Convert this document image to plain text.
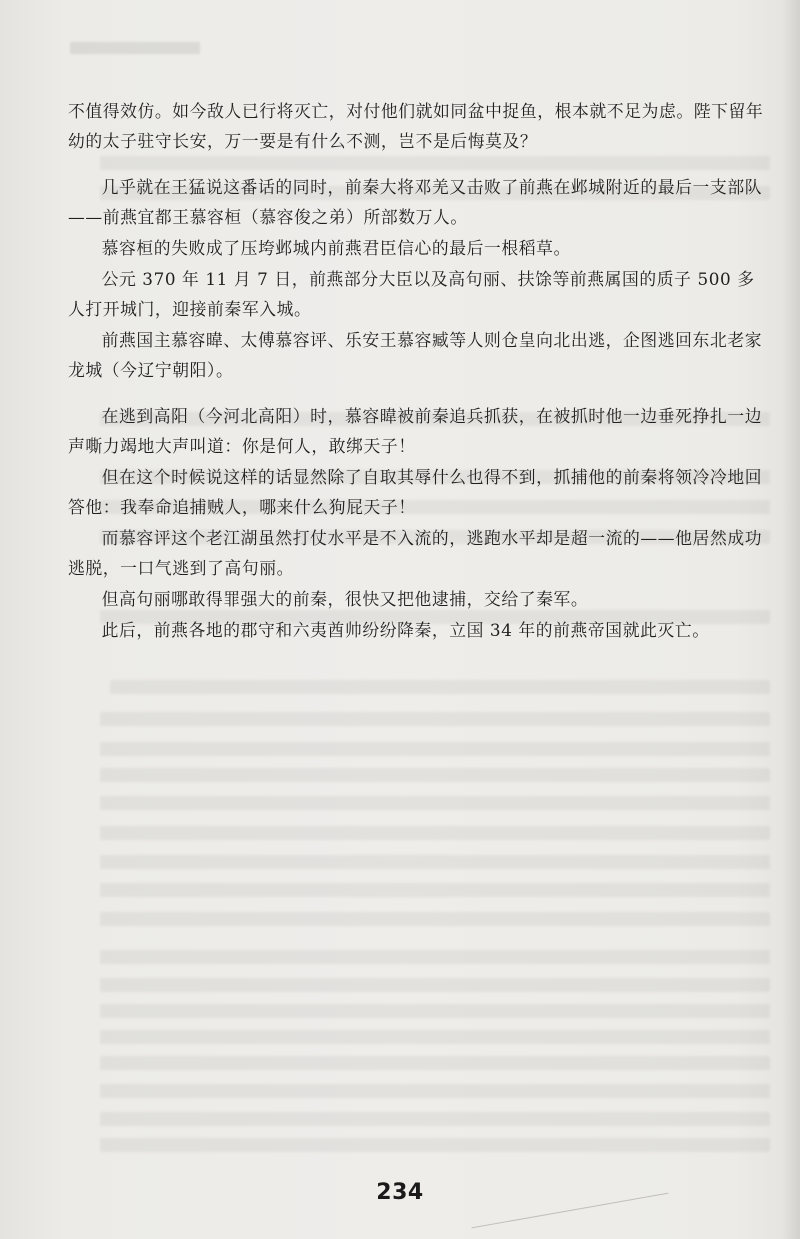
不值得效仿。如今敌人已行将灭亡，对付他们就如同盆中捉鱼，根本就不足为虑。陛下留年幼的太子驻守长安，万一要是有什么不测，岂不是后悔莫及？

几乎就在王猛说这番话的同时，前秦大将邓羌又击败了前燕在邺城附近的最后一支部队——前燕宜都王慕容桓（慕容俊之弟）所部数万人。

慕容桓的失败成了压垮邺城内前燕君臣信心的最后一根稻草。

公元 370 年 11 月 7 日，前燕部分大臣以及高句丽、扶馀等前燕属国的质子 500 多人打开城门，迎接前秦军入城。

前燕国主慕容暐、太傅慕容评、乐安王慕容臧等人则仓皇向北出逃，企图逃回东北老家龙城（今辽宁朝阳）。

在逃到高阳（今河北高阳）时，慕容暐被前秦追兵抓获，在被抓时他一边垂死挣扎一边声嘶力竭地大声叫道：你是何人，敢绑天子！

但在这个时候说这样的话显然除了自取其辱什么也得不到，抓捕他的前秦将领冷冷地回答他：我奉命追捕贼人，哪来什么狗屁天子！

而慕容评这个老江湖虽然打仗水平是不入流的，逃跑水平却是超一流的——他居然成功逃脱，一口气逃到了高句丽。

但高句丽哪敢得罪强大的前秦，很快又把他逮捕，交给了秦军。

此后，前燕各地的郡守和六夷酋帅纷纷降秦，立国 34 年的前燕帝国就此灭亡。

234
